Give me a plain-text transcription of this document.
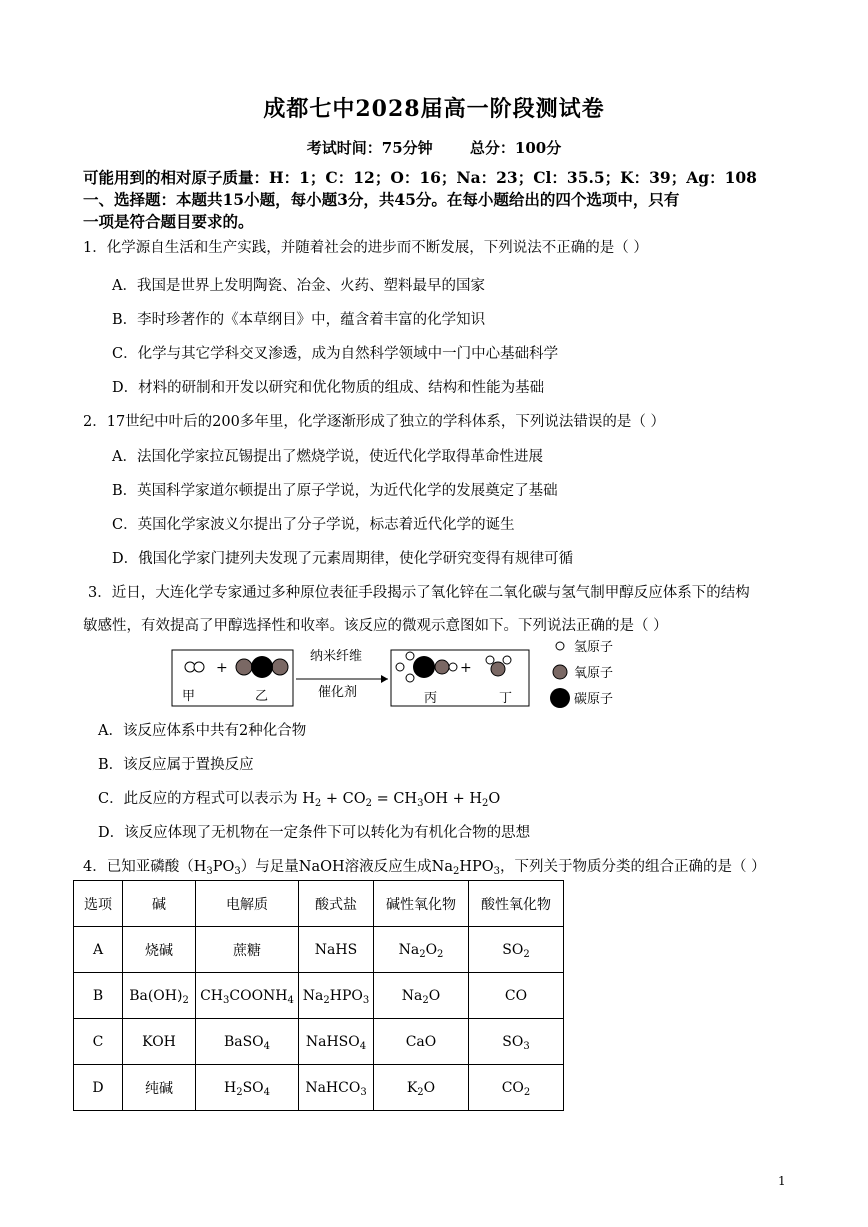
成都七中2028届高一阶段测试卷
考试时间：75分钟 总分：100分
可能用到的相对原子质量：H：1；C：12；O：16；Na：23；Cl：35.5；K：39；Ag：108
一、选择题：本题共15小题，每小题3分，共45分。在每小题给出的四个选项中，只有
一项是符合题目要求的。
1．化学源自生活和生产实践，并随着社会的进步而不断发展，下列说法不正确的是（ ）
A．我国是世界上发明陶瓷、冶金、火药、塑料最早的国家
B．李时珍著作的《本草纲目》中，蕴含着丰富的化学知识
C．化学与其它学科交叉渗透，成为自然科学领域中一门中心基础科学
D．材料的研制和开发以研究和优化物质的组成、结构和性能为基础
2．17世纪中叶后的200多年里，化学逐渐形成了独立的学科体系，下列说法错误的是（ ）
A．法国化学家拉瓦锡提出了燃烧学说，使近代化学取得革命性进展
B．英国科学家道尔顿提出了原子学说，为近代化学的发展奠定了基础
C．英国化学家波义尔提出了分子学说，标志着近代化学的诞生
D．俄国化学家门捷列夫发现了元素周期律，使化学研究变得有规律可循
3．近日，大连化学专家通过多种原位表征手段揭示了氧化锌在二氧化碳与氢气制甲醇反应体系下的结构
敏感性，有效提高了甲醇选择性和收率。该反应的微观示意图如下。下列说法正确的是（ ）
+
甲	乙
纳米纤维
催化剂
+
丙	丁
氢原子
氧原子
碳原子
A．该反应体系中共有2种化合物
B．该反应属于置换反应
C．此反应的方程式可以表示为 $H_2 + CO_2 = CH_3OH + H_2O$
D．该反应体现了无机物在一定条件下可以转化为有机化合物的思想
4．已知亚磷酸$(H_3PO_3)$与足量NaOH溶液反应生成$Na_2HPO_3$，下列关于物质分类的组合正确的是（ ）
选项	碱	电解质	酸式盐	碱性氧化物	酸性氧化物
A	烧碱	蔗糖	NaHS	$Na_2O_2$	$SO_2$
B	$Ba(OH)_2$	$CH_3COONH_4$	$Na_2HPO_3$	$Na_2O$	CO
C	KOH	BaSO$_4$	NaHSO$_4$	CaO	$SO_3$
D	纯碱	$H_2SO_4$	NaHCO$_3$	$K_2O$	$CO_2$
1
